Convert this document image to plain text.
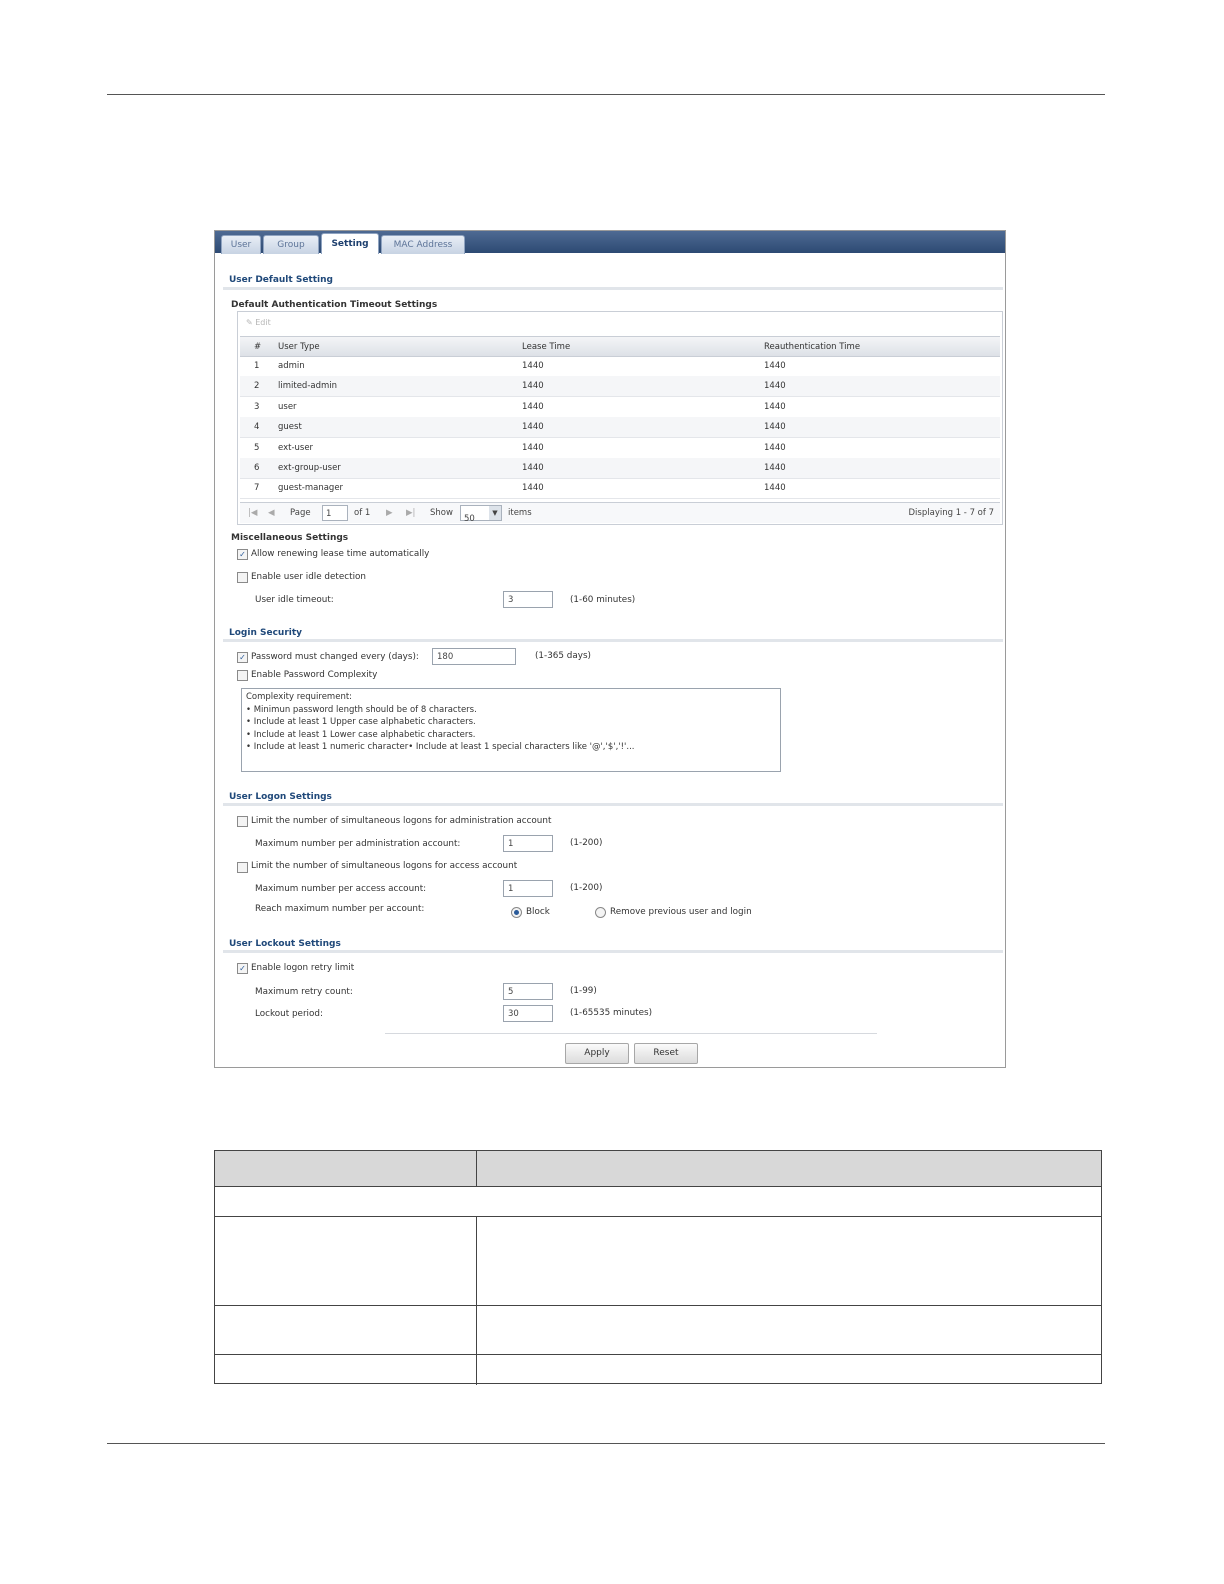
User	Group	Setting	MAC Address
User Default Setting
Default Authentication Timeout Settings
✎ Edit
# User Type	Lease Time	Reauthentication Time
1 admin	1440	1440
2 limited-admin	1440	1440
3 user	1440	1440
4 guest	1440	1440
5 ext-user	1440	1440
6 ext-group-user	1440	1440
7 guest-manager	1440	1440
|◀ ◀ Page	1	of 1 ▶ ▶| Show
50
▼	items	Displaying 1 - 7 of 7
Miscellaneous Settings
✓ Allow renewing lease time automatically
Enable user idle detection
User idle timeout:	3	(1-60 minutes)
Login Security
✓ Password must changed every (days):	180	(1-365 days)
Enable Password Complexity
Complexity requirement:
• Minimun password length should be of 8 characters.
• Include at least 1 Upper case alphabetic characters.
• Include at least 1 Lower case alphabetic characters.
• Include at least 1 numeric character• Include at least 1 special characters like '@','$','!'...
User Logon Settings
Limit the number of simultaneous logons for administration account
Maximum number per administration account:	1	(1-200)
Limit the number of simultaneous logons for access account
Maximum number per access account:	1	(1-200)
Reach maximum number per account:	Block	Remove previous user and login
User Lockout Settings
✓ Enable logon retry limit
Maximum retry count:	5	(1-99)
Lockout period:	30	(1-65535 minutes)
Apply	Reset
